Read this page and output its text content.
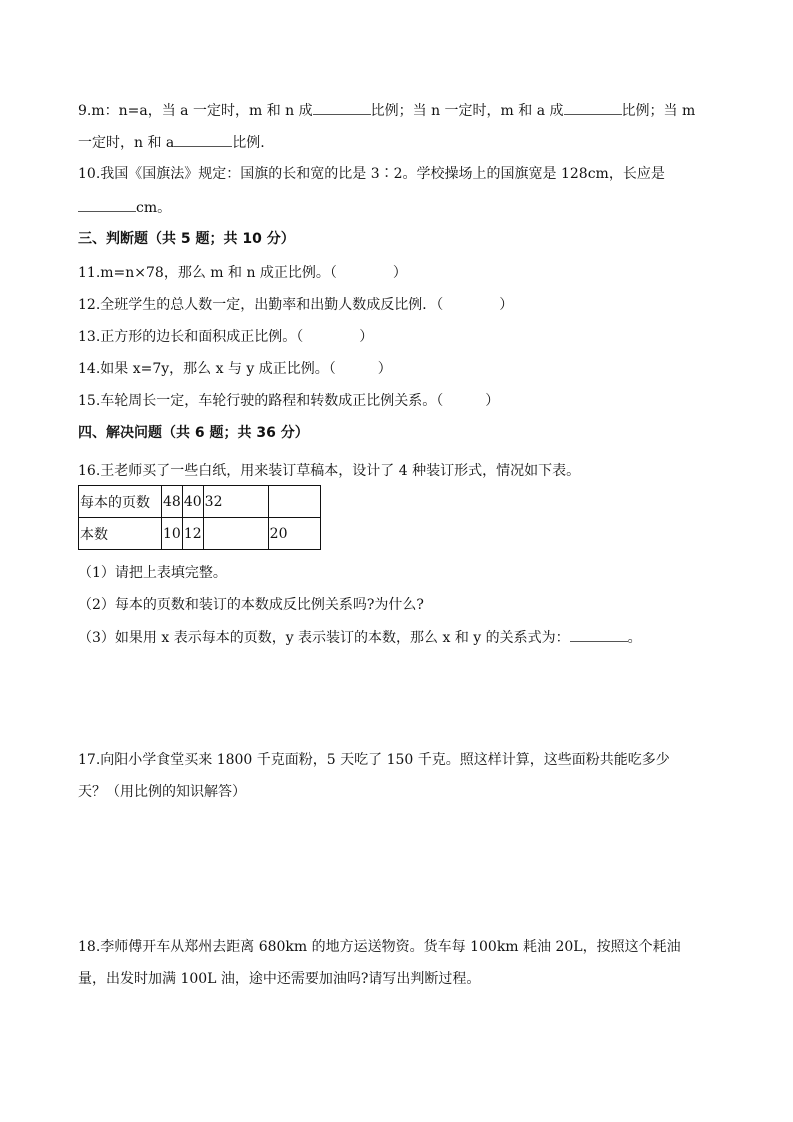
9.m：n=a，当 a 一定时，m 和 n 成	比例；当 n 一定时，m 和 a 成	比例；当 m
一定时，n 和 a	比例.
10.我国《国旗法》规定：国旗的长和宽的比是 3∶2。学校操场上的国旗宽是 128cm，长应是
cm。
三、判断题（共 5 题；共 10 分）
11.m=n×78，那么 m 和 n 成正比例。（　　　　）
12.全班学生的总人数一定，出勤率和出勤人数成反比例．（　　　　）
13.正方形的边长和面积成正比例。（　　　　）
14.如果 x=7y，那么 x 与 y 成正比例。（　　　）
15.车轮周长一定，车轮行驶的路程和转数成正比例关系。（　　　）
四、解决问题（共 6 题；共 36 分）
16.王老师买了一些白纸，用来装订草稿本，设计了 4 种装订形式，情况如下表。
每本的页数	48	40	32	
本数	10	12		20
（1）请把上表填完整。
（2）每本的页数和装订的本数成反比例关系吗?为什么?
（3）如果用 x 表示每本的页数，y 表示装订的本数，那么 x 和 y 的关系式为：	。
17.向阳小学食堂买来 1800 千克面粉，5 天吃了 150 千克。照这样计算，这些面粉共能吃多少
天？（用比例的知识解答）
18.李师傅开车从郑州去距离 680km 的地方运送物资。货车每 100km 耗油 20L，按照这个耗油
量，出发时加满 100L 油，途中还需要加油吗?请写出判断过程。
